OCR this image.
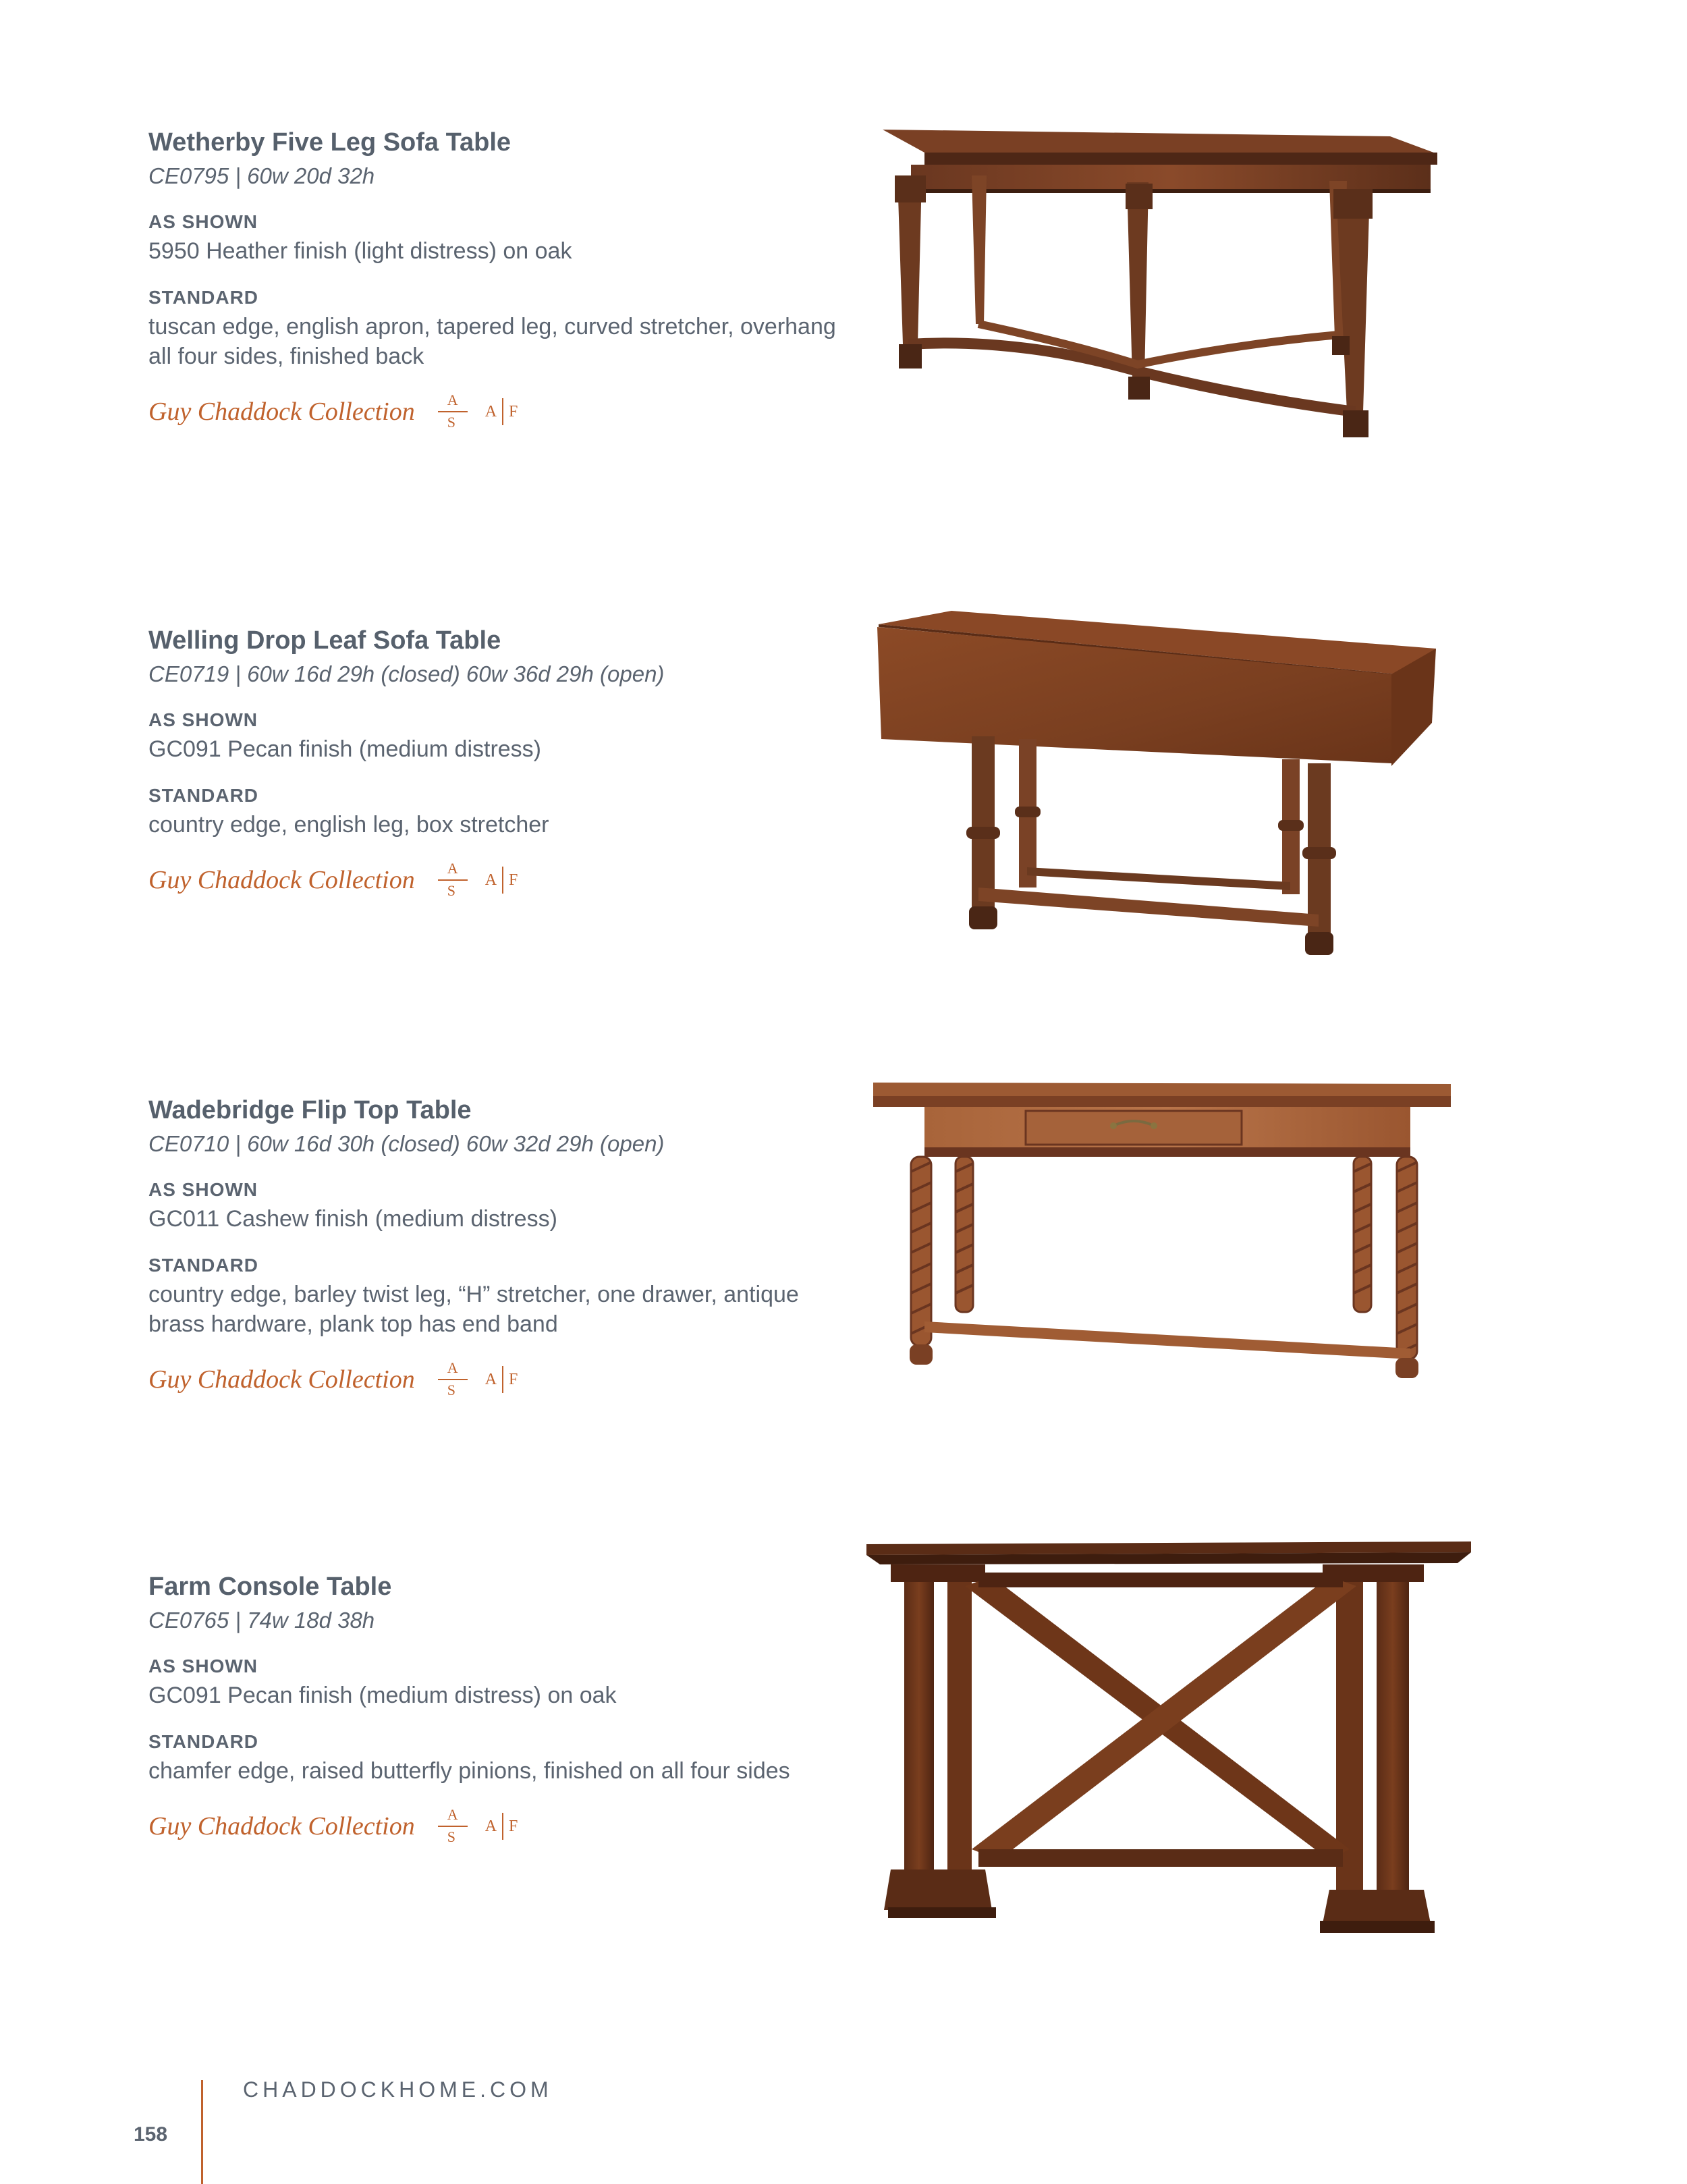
Wetherby Five Leg Sofa Table
CE0795 | 60w 20d 32h
AS SHOWN
5950 Heather finish (light distress) on oak
STANDARD
tuscan edge, english apron, tapered leg, curved stretcher, overhang all four sides, finished back
Guy Chaddock Collection A
S
A F
Welling Drop Leaf Sofa Table
CE0719 | 60w 16d 29h (closed) 60w 36d 29h (open)
AS SHOWN
GC091 Pecan finish (medium distress)
STANDARD
country edge, english leg, box stretcher
Guy Chaddock Collection A
S
A F
Wadebridge Flip Top Table
CE0710 | 60w 16d 30h (closed) 60w 32d 29h (open)
AS SHOWN
GC011 Cashew finish (medium distress)
STANDARD
country edge, barley twist leg, “H” stretcher, one drawer, antique brass hardware, plank top has end band
Guy Chaddock Collection A
S
A F
Farm Console Table
CE0765 | 74w 18d 38h
AS SHOWN
GC091 Pecan finish (medium distress) on oak
STANDARD
chamfer edge, raised butterfly pinions, finished on all four sides
Guy Chaddock Collection A
S
A F
CHADDOCKHOME.COM
158
